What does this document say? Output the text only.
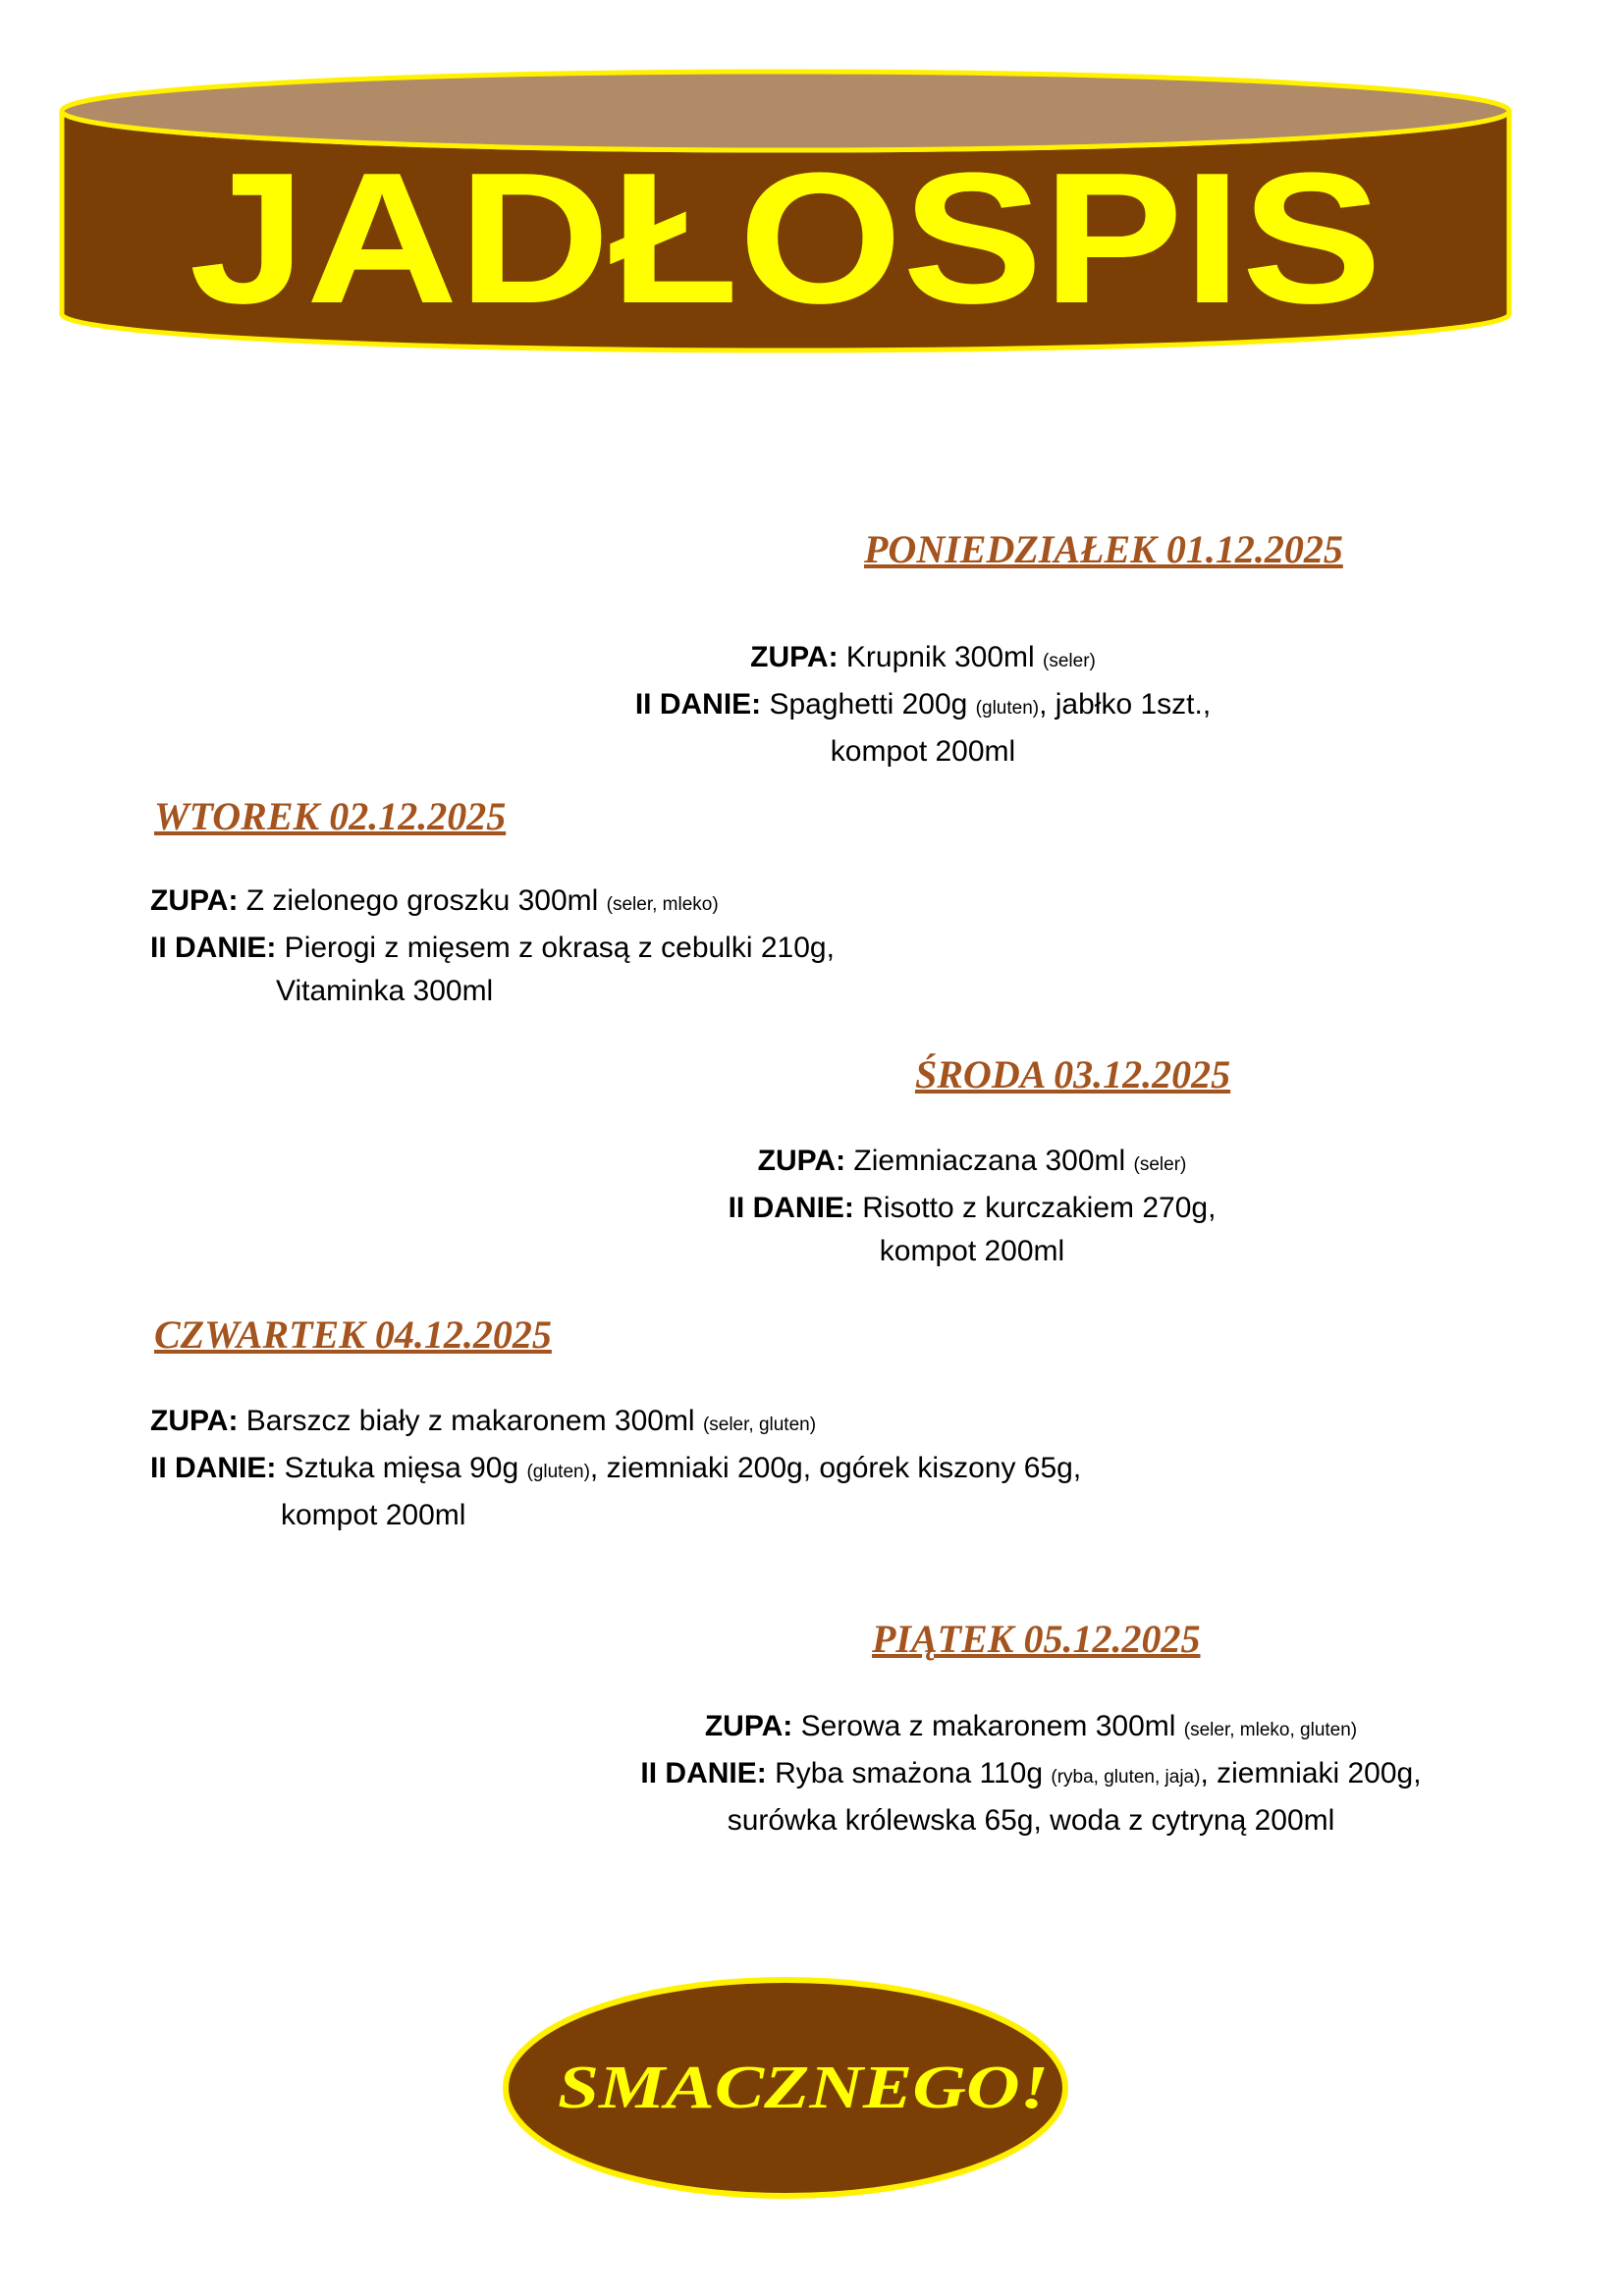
JADŁOSPIS
PONIEDZIAŁEK 01.12.2025
ZUPA: Krupnik 300ml (seler)
II DANIE: Spaghetti 200g (gluten), jabłko 1szt.,
kompot 200ml
WTOREK 02.12.2025
ZUPA: Z zielonego groszku 300ml (seler, mleko)
II DANIE: Pierogi z mięsem z okrasą z cebulki 210g,
Vitaminka 300ml
ŚRODA 03.12.2025
ZUPA: Ziemniaczana 300ml (seler)
II DANIE: Risotto z kurczakiem 270g,
kompot 200ml
CZWARTEK 04.12.2025
ZUPA: Barszcz biały z makaronem 300ml (seler, gluten)
II DANIE: Sztuka mięsa 90g (gluten), ziemniaki 200g, ogórek kiszony 65g,
kompot 200ml
PIĄTEK 05.12.2025
ZUPA: Serowa z makaronem 300ml (seler, mleko, gluten)
II DANIE: Ryba smażona 110g (ryba, gluten, jaja), ziemniaki 200g,
surówka królewska 65g, woda z cytryną 200ml
SMACZNEGO!
